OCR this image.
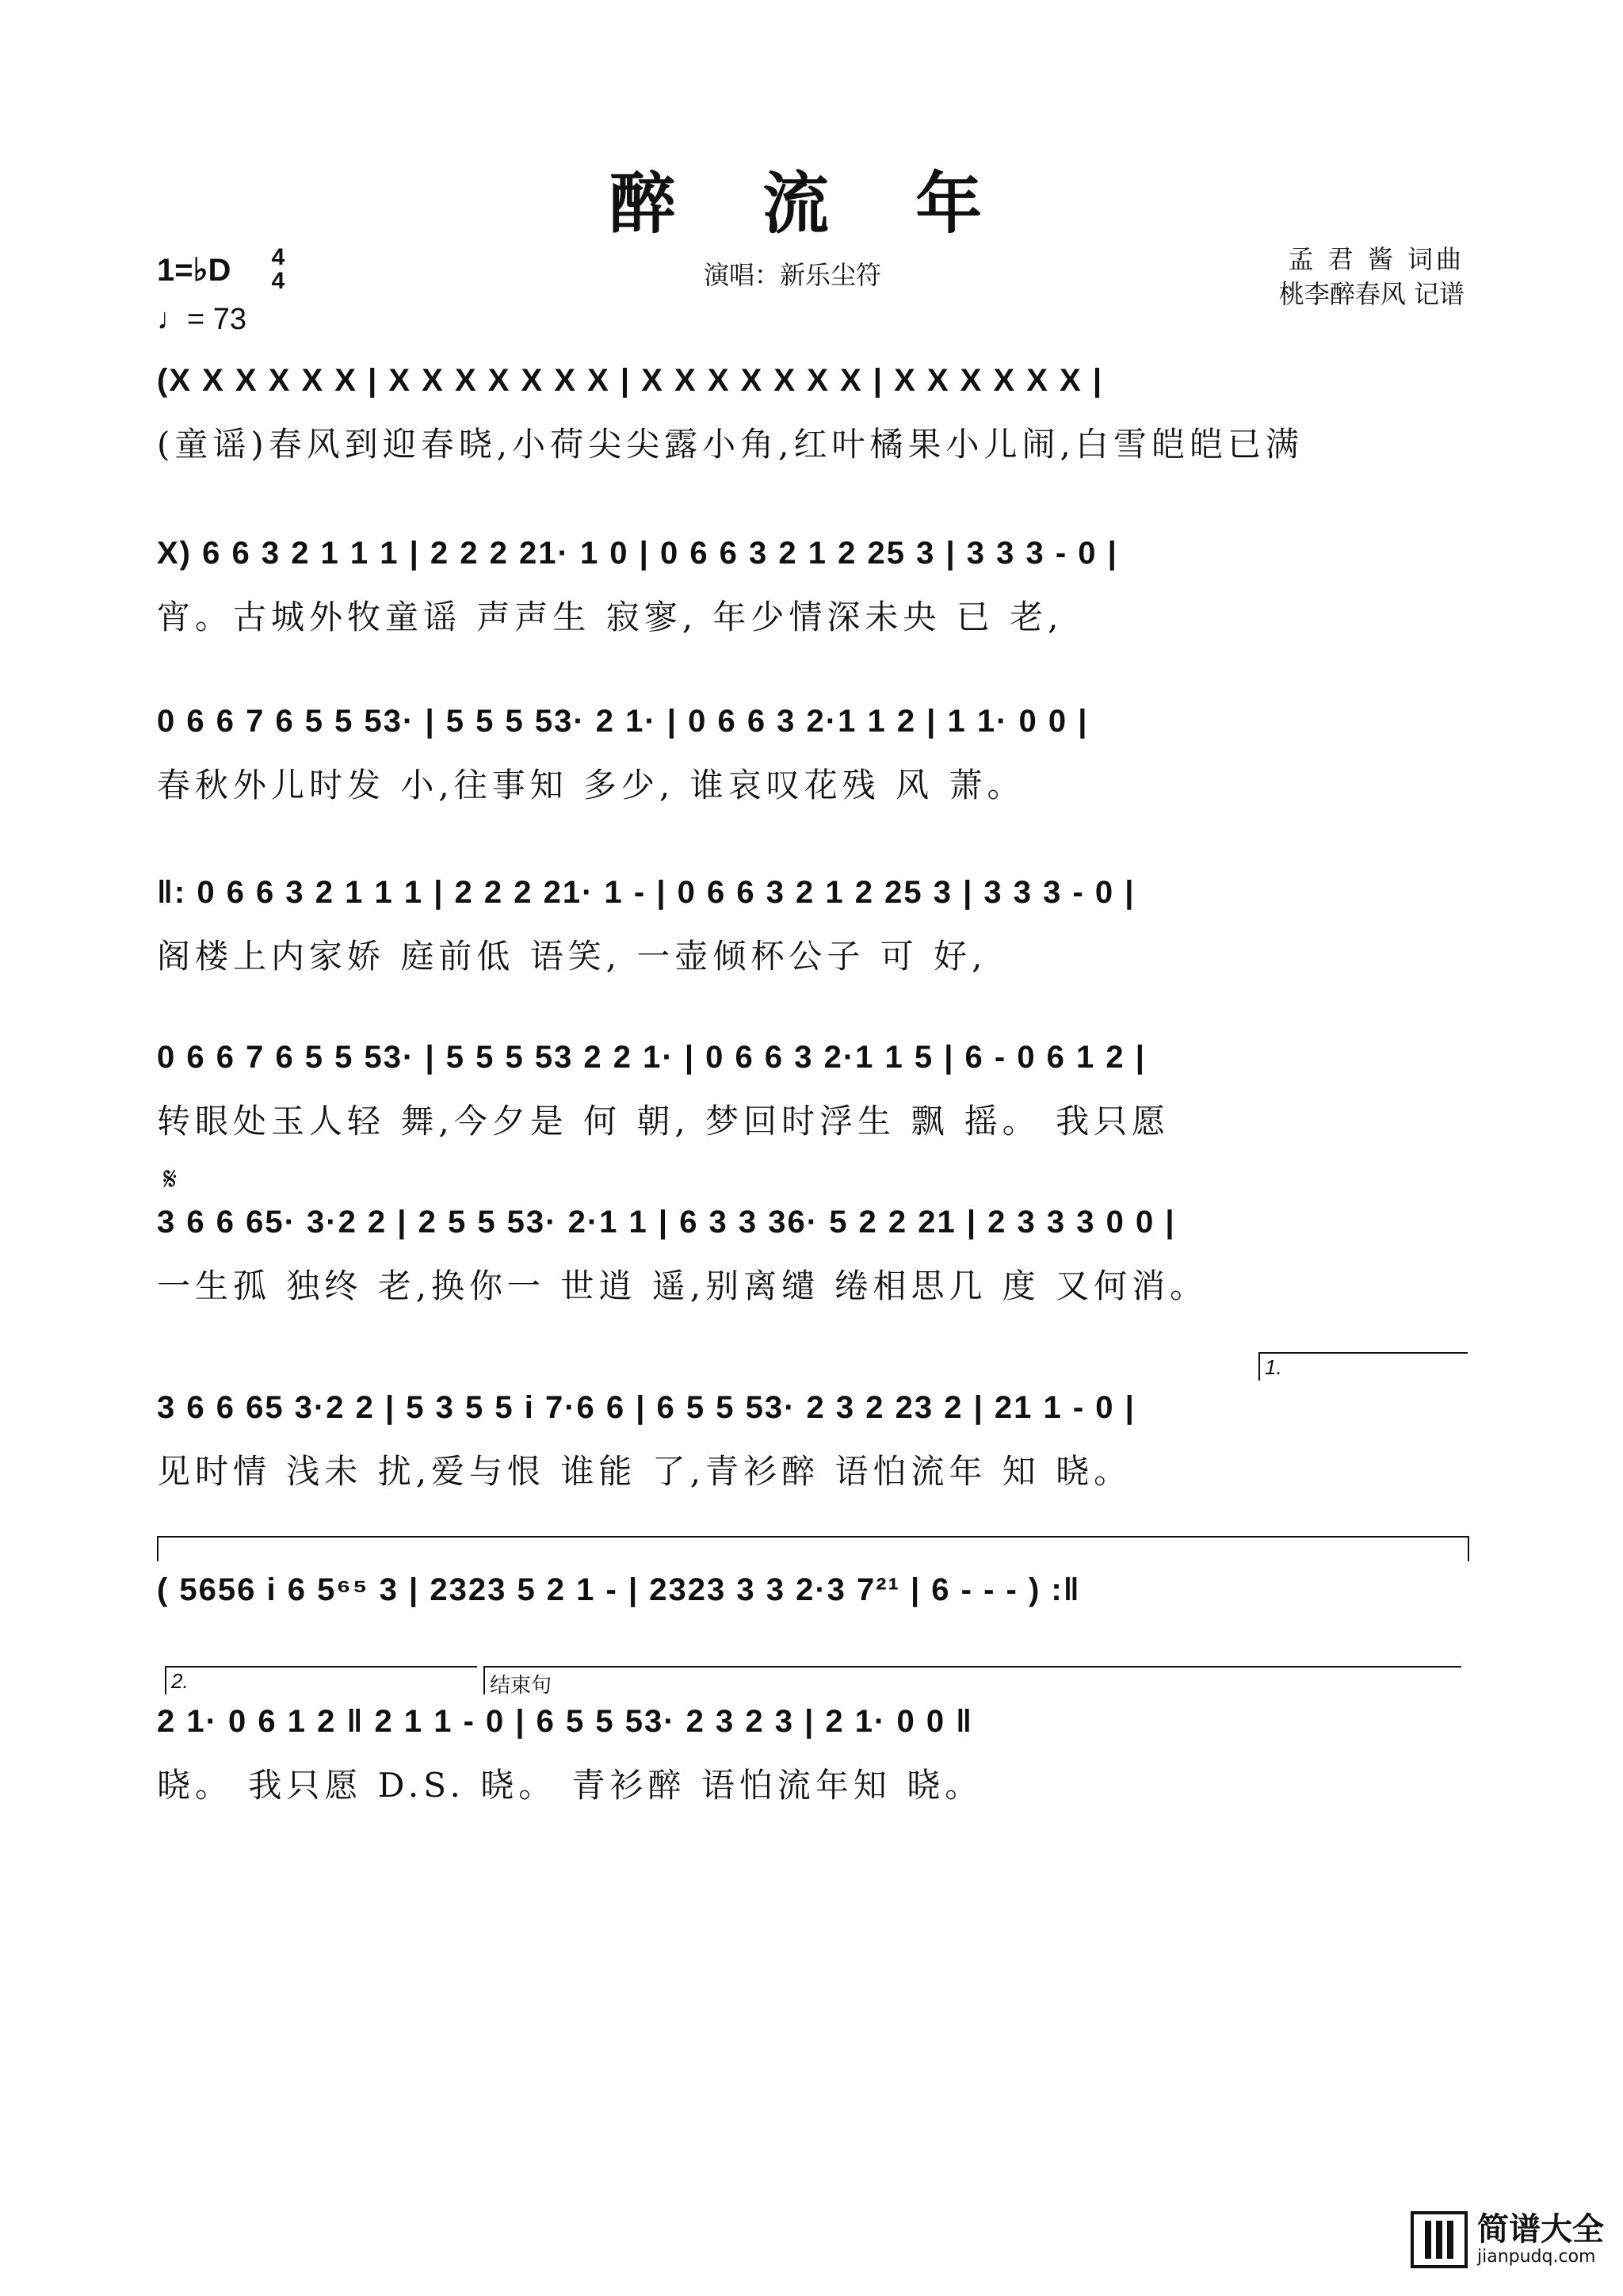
醉 流 年
1=♭D 4
4
♩= 73
演唱：新乐尘符
孟 君 酱 词曲
桃李醉春风 记谱
(X X X X X X | X X X X X X X | X X X X X X X | X X X X X X |
(童谣)春风到迎春晓,小荷尖尖露小角,红叶橘果小儿闹,白雪皑皑已满
X) 6 6 3 2 1 1 1 | 2 2 2 21· 1 0 | 0 6 6 3 2 1 2 25 3 | 3 3 3 - 0 |
宵。古城外牧童谣 声声生 寂寥, 年少情深未央 已 老,
0 6 6 7 6 5 5 53· | 5 5 5 53· 2 1· | 0 6 6 3 2·1 1 2 | 1 1· 0 0 |
春秋外儿时发 小,往事知 多少, 谁哀叹花残 风 萧。
‖: 0 6 6 3 2 1 1 1 | 2 2 2 21· 1 - | 0 6 6 3 2 1 2 25 3 | 3 3 3 - 0 |
阁楼上内家娇 庭前低 语笑, 一壶倾杯公子 可 好,
0 6 6 7 6 5 5 53· | 5 5 5 53 2 2 1· | 0 6 6 3 2·1 1 5 | 6 - 0 6 1 2 |
转眼处玉人轻 舞,今夕是 何 朝, 梦回时浮生 飘 摇。 我只愿
𝄋
3 6 6 65· 3·2 2 | 2 5 5 53· 2·1 1 | 6 3 3 36· 5 2 2 21 | 2 3 3 3 0 0 |
一生孤 独终 老,换你一 世逍 遥,别离缱 绻相思几 度 又何消。
1.
3 6 6 65 3·2 2 | 5 3 5 5 i 7·6 6 | 6 5 5 53· 2 3 2 23 2 | 21 1 - 0 |
见时情 浅未 扰,爱与恨 谁能 了,青衫醉 语怕流年 知 晓。
( 5656 i 6 5⁶⁵ 3 | 2323 5 2 1 - | 2323 3 3 2·3 7²¹ | 6 - - - ) :‖
2.	结束句
2 1· 0 6 1 2 ‖ 2 1 1 - 0 | 6 5 5 53· 2 3 2 3 | 2 1· 0 0 ‖
晓。 我只愿 D.S. 晓。 青衫醉 语怕流年知 晓。
简谱大全
jianpudq.com
